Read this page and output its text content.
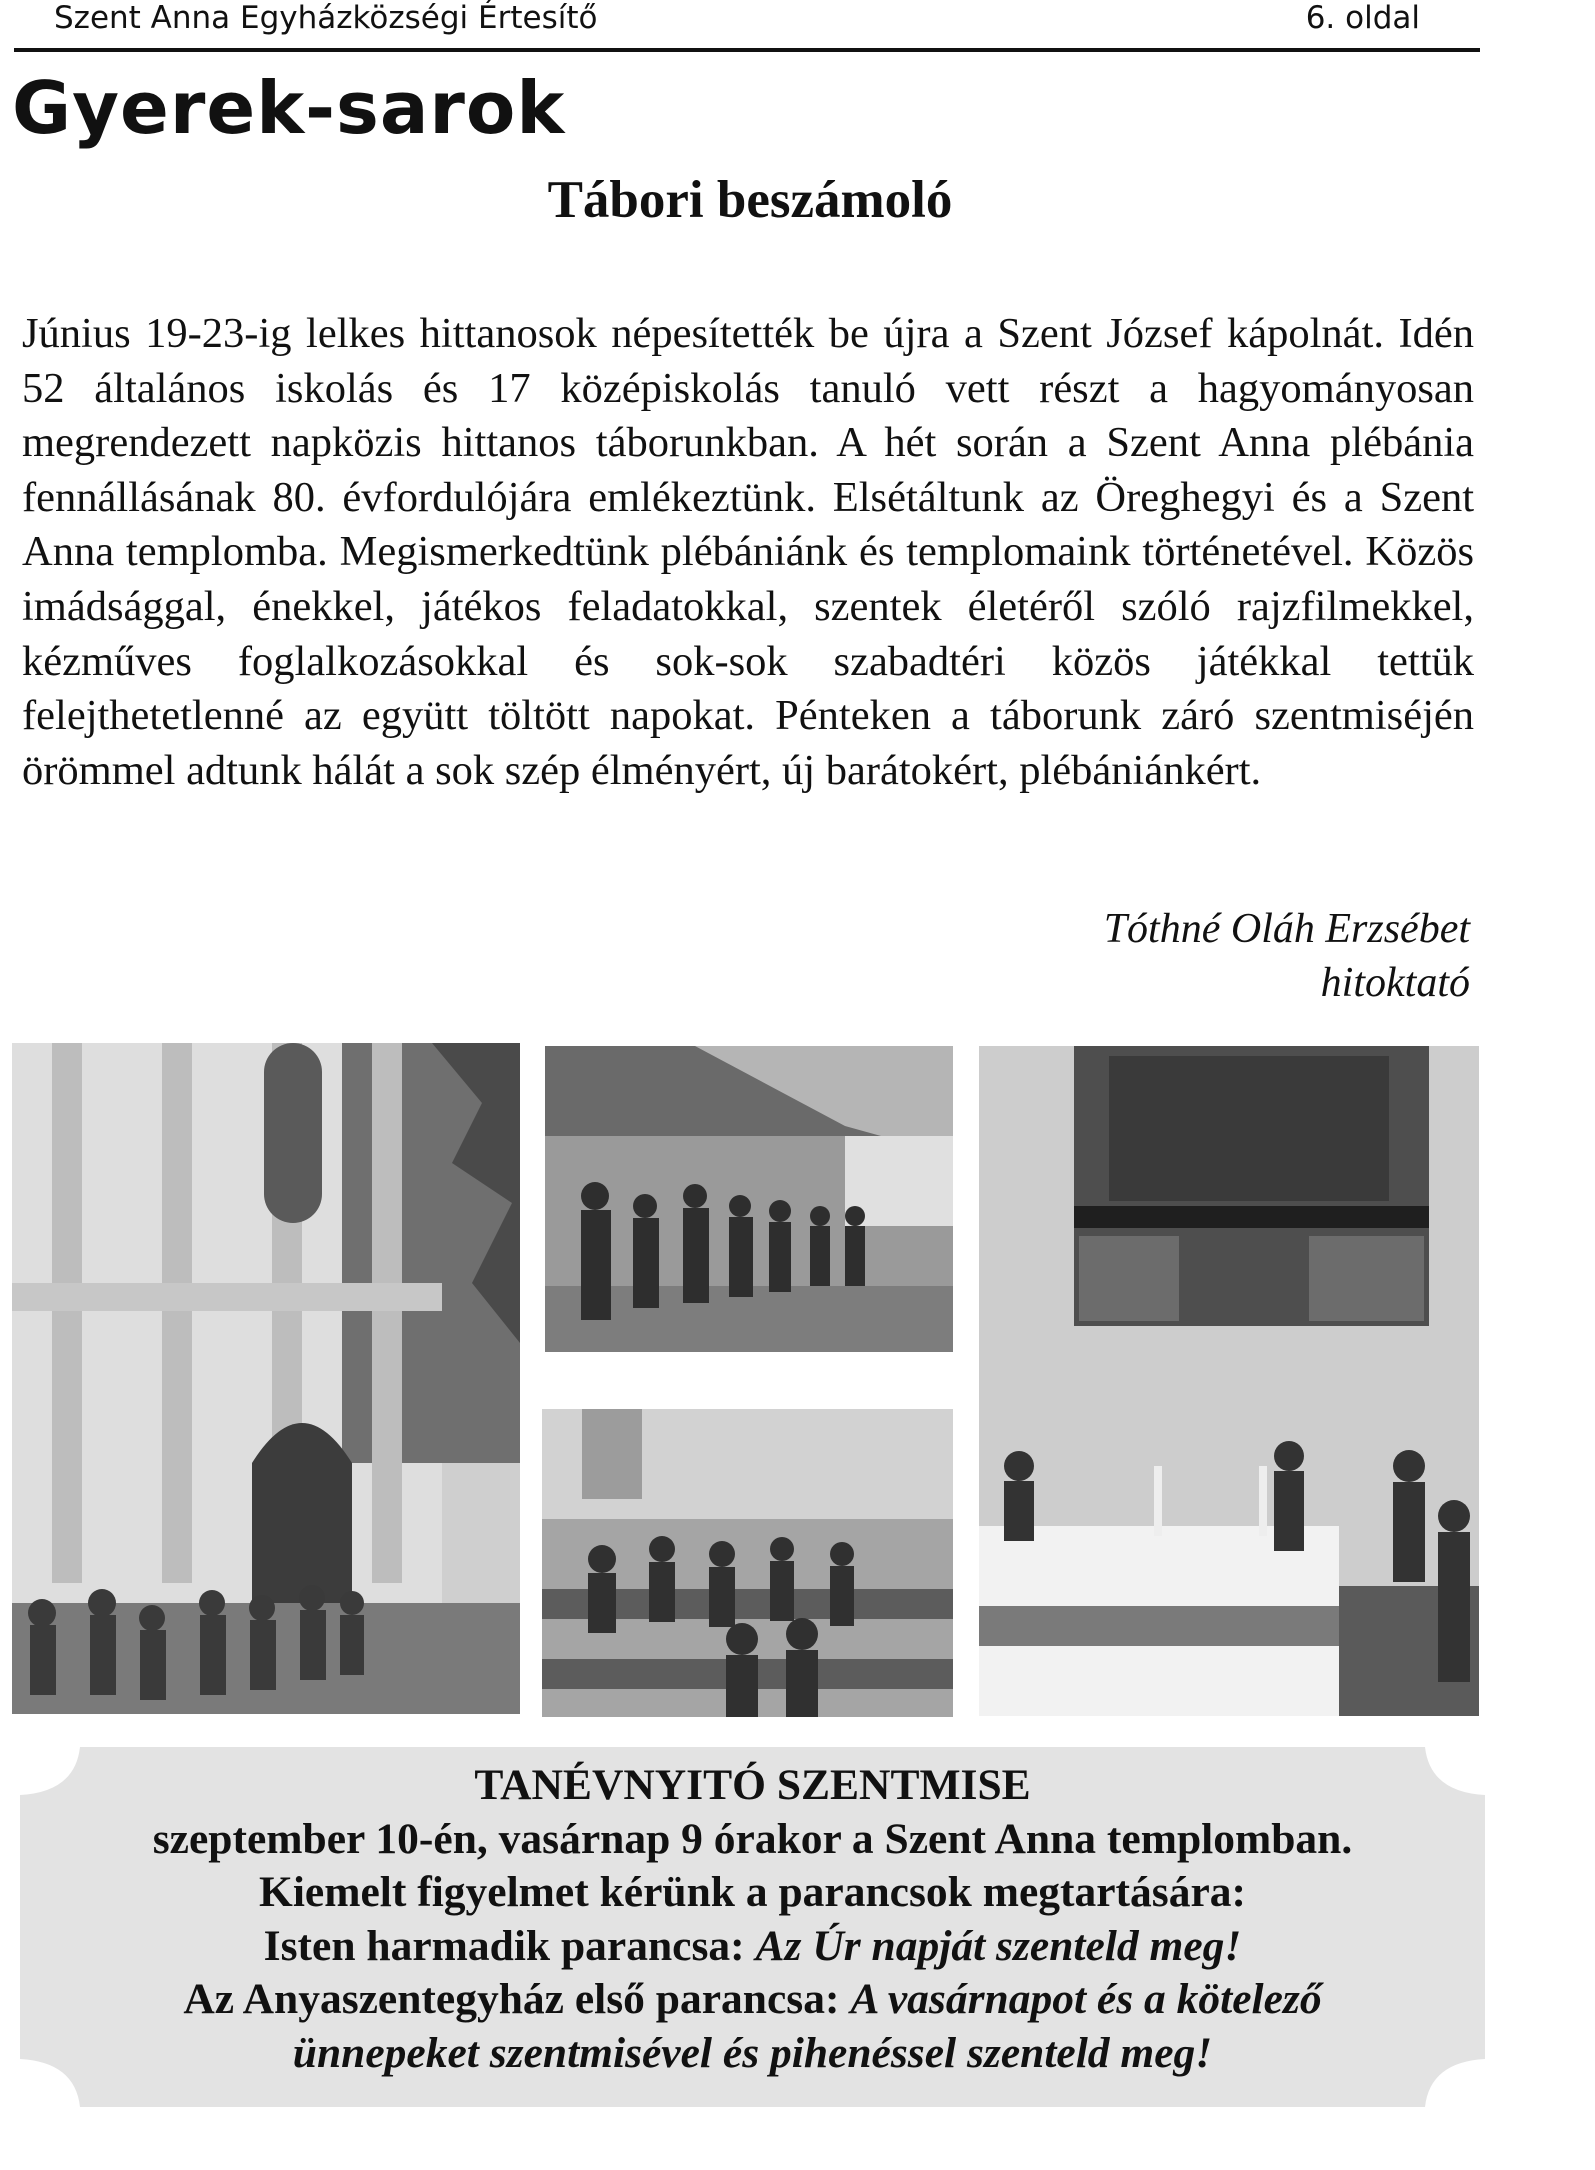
Szent Anna Egyházközségi Értesítő	6. oldal
Gyerek-sarok
Tábori beszámoló

Június 19-23-ig lelkes hittanosok népesítették be újra a Szent József kápolnát. Idén 52 általános iskolás és 17 középiskolás tanuló vett részt a hagyományosan megrendezett napközis hittanos táborunkban. A hét során a Szent Anna plébánia fennállásának 80. évfordulójára emlékeztünk. Elsétáltunk az Öreghegyi és a Szent Anna templomba. Megismerkedtünk plébániánk és templomaink történetével. Közös imádsággal, énekkel, játékos feladatokkal, szentek életéről szóló rajzfilmekkel, kézműves foglalkozásokkal és sok-sok szabadtéri közös játékkal tettük felejthetetlenné az együtt töltött napokat. Pénteken a táborunk záró szentmiséjén örömmel adtunk hálát a sok szép élményért, új barátokért, plébániánkért.

Tóthné Oláh Erzsébet
hitoktató
TANÉVNYITÓ SZENTMISE
szeptember 10-én, vasárnap 9 órakor a Szent Anna templomban.
Kiemelt figyelmet kérünk a parancsok megtartására:
Isten harmadik parancsa: Az Úr napját szenteld meg!
Az Anyaszentegyház első parancsa: A vasárnapot és a kötelező
ünnepeket szentmisével és pihenéssel szenteld meg!
